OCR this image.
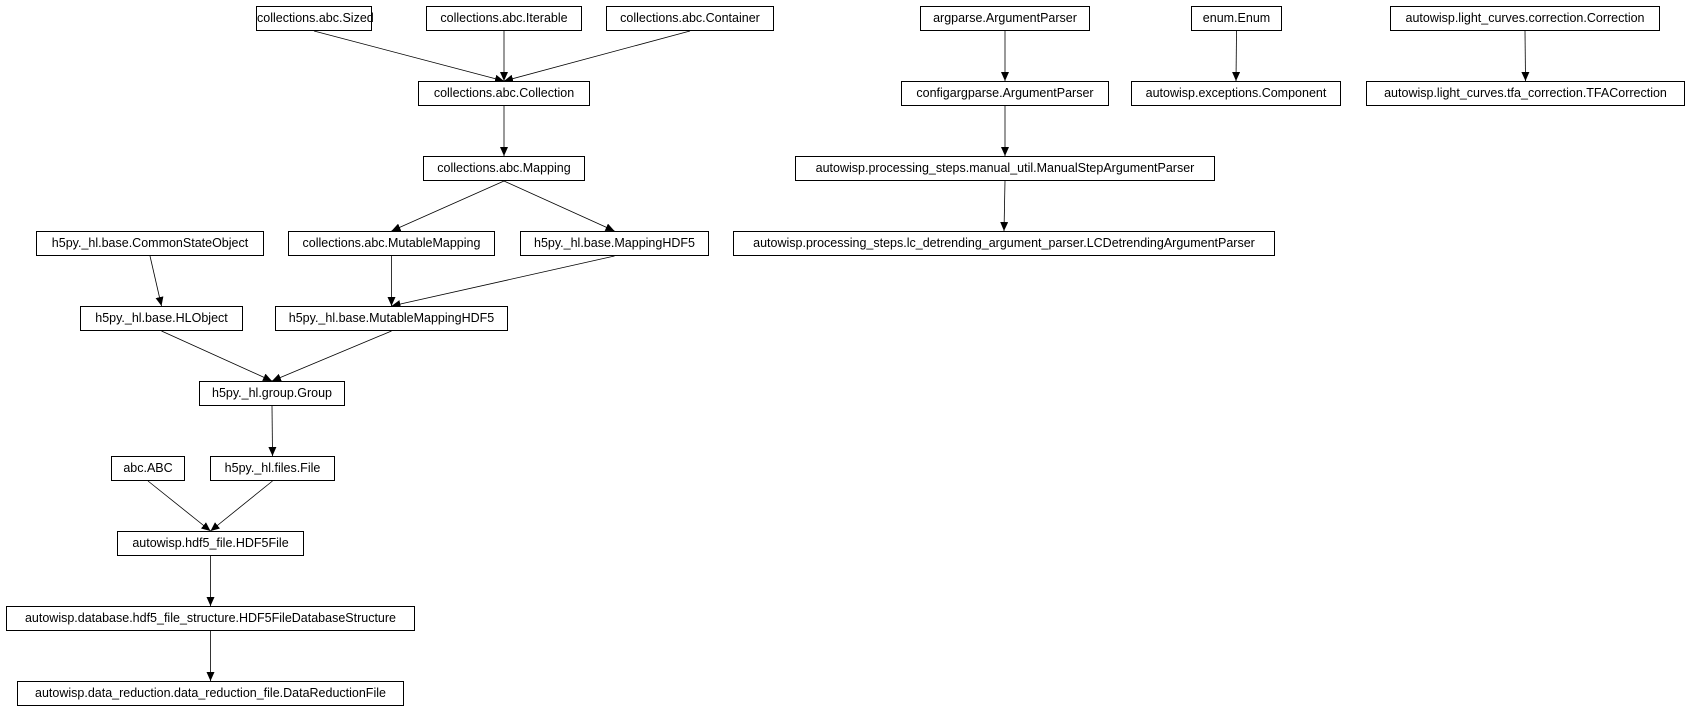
collections.abc.Sized	collections.abc.Iterable	collections.abc.Container
collections.abc.Collection
collections.abc.Mapping
h5py._hl.base.CommonStateObject	collections.abc.MutableMapping	h5py._hl.base.MappingHDF5
h5py._hl.base.HLObject	h5py._hl.base.MutableMappingHDF5
h5py._hl.group.Group
abc.ABC	h5py._hl.files.File
autowisp.hdf5_file.HDF5File
autowisp.database.hdf5_file_structure.HDF5FileDatabaseStructure
autowisp.data_reduction.data_reduction_file.DataReductionFile
argparse.ArgumentParser
configargparse.ArgumentParser
autowisp.processing_steps.manual_util.ManualStepArgumentParser
autowisp.processing_steps.lc_detrending_argument_parser.LCDetrendingArgumentParser
enum.Enum
autowisp.exceptions.Component
autowisp.light_curves.correction.Correction
autowisp.light_curves.tfa_correction.TFACorrection
